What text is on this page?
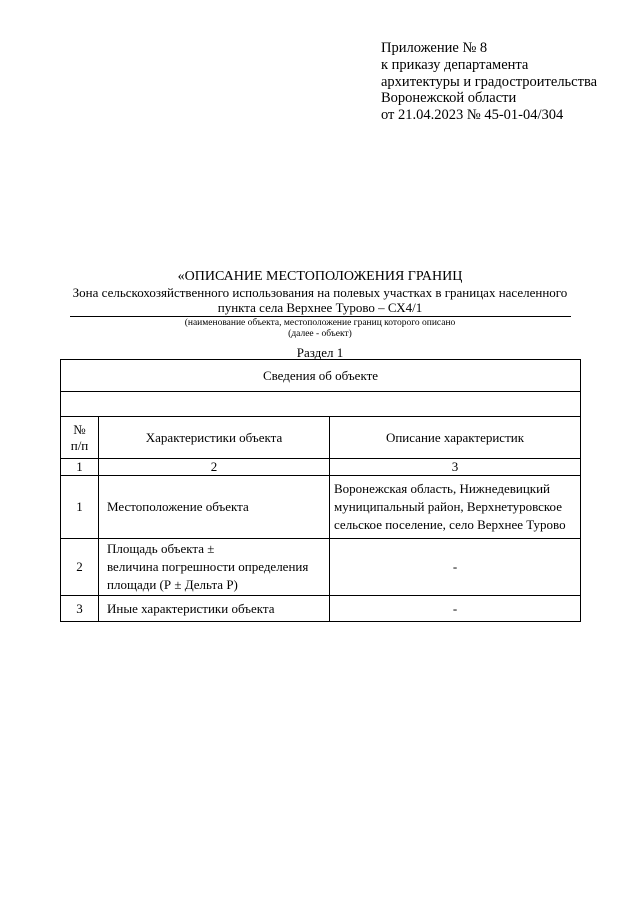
Приложение № 8
к приказу департамента
архитектуры и градостроительства
Воронежской области
от 21.04.2023 № 45-01-04/304
«ОПИСАНИЕ МЕСТОПОЛОЖЕНИЯ ГРАНИЦ
Зона сельскохозяйственного использования на полевых участках в границах населенного
пункта села Верхнее Турово – СХ4/1
(наименование объекта, местоположение границ которого описано
(далее - объект)
Раздел 1
Сведения об объекте		

№
п/п	Характеристики объекта	Описание характеристик
1	2	3
1	Местоположение объекта	Воронежская область, Нижнедевицкий
муниципальный район, Верхнетуровское
сельское поселение, село Верхнее Турово

2	Площадь объекта ±
величина погрешности определения
площади (Р ± Дельта Р)	-
3	Иные характеристики объекта	-
